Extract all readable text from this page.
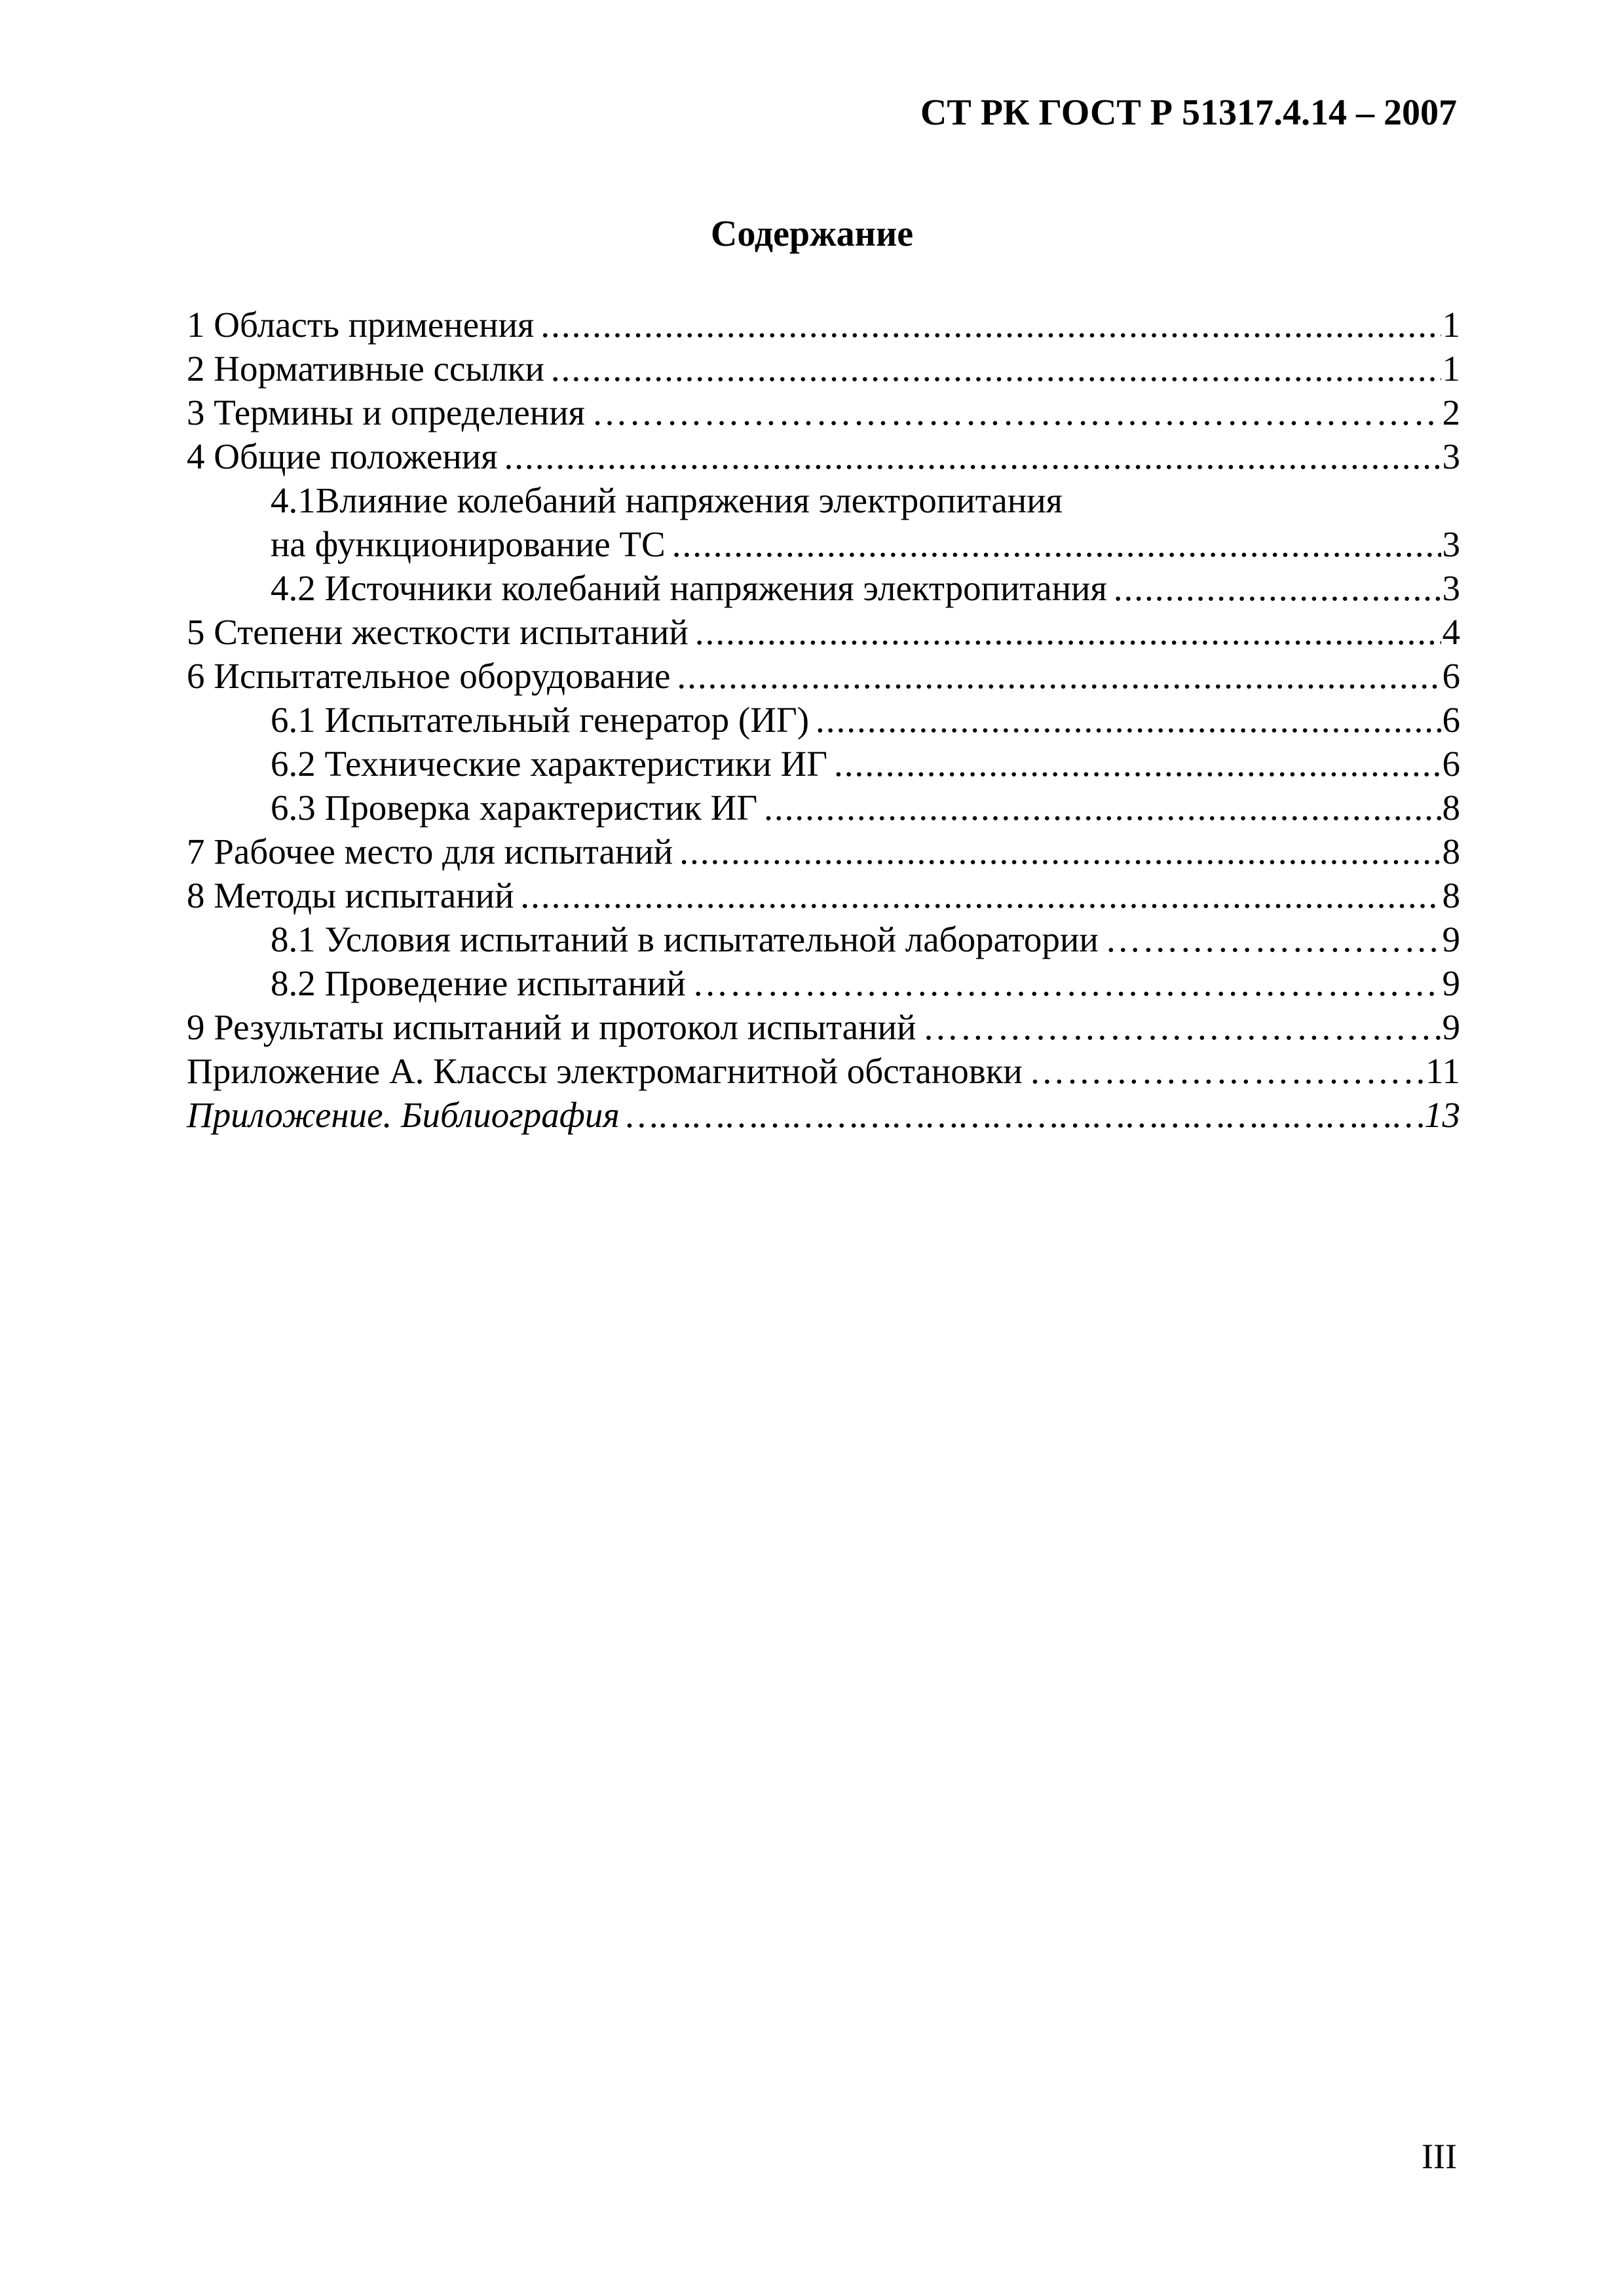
СТ РК ГОСТ Р 51317.4.14 – 2007
Содержание
1 Область применения .....	1
2 Нормативные ссылки .....	1
3 Термины и определения ……………………………………………………………………………………………………………………………………………………………………………………………………………………………………	2
4 Общие положения .....	3
4.1Влияние колебаний напряжения электропитания
на функционирование ТС .....	3
4.2 Источники колебаний напряжения электропитания .....	3
5 Степени жесткости испытаний .....	4
6 Испытательное оборудование .....	6
6.1 Испытательный генератор (ИГ) .....	6
6.2 Технические характеристики ИГ .....	6
6.3 Проверка характеристик ИГ .....	8
7 Рабочее место для испытаний .....	8
8 Методы испытаний .....	8
8.1 Условия испытаний в испытательной лаборатории ……………………………………………………………………………………………………………………………………………………………………………………………………………………………………	9
8.2 Проведение испытаний ……………………………………………………………………………………………………………………………………………………………………………………………………………………………………	9
9 Результаты испытаний и протокол испытаний ……………………………………………………………………………………………………………………………………………………………………………………………………………………………………	9
Приложение А. Классы электромагнитной обстановки ……………………………………………………………………………………………………………………………………………………………………………………………………………………………………	11
Приложение. Библиография ……………………………………………………………………………………………………………………………………………………………………………………………………………………………………	13
III
